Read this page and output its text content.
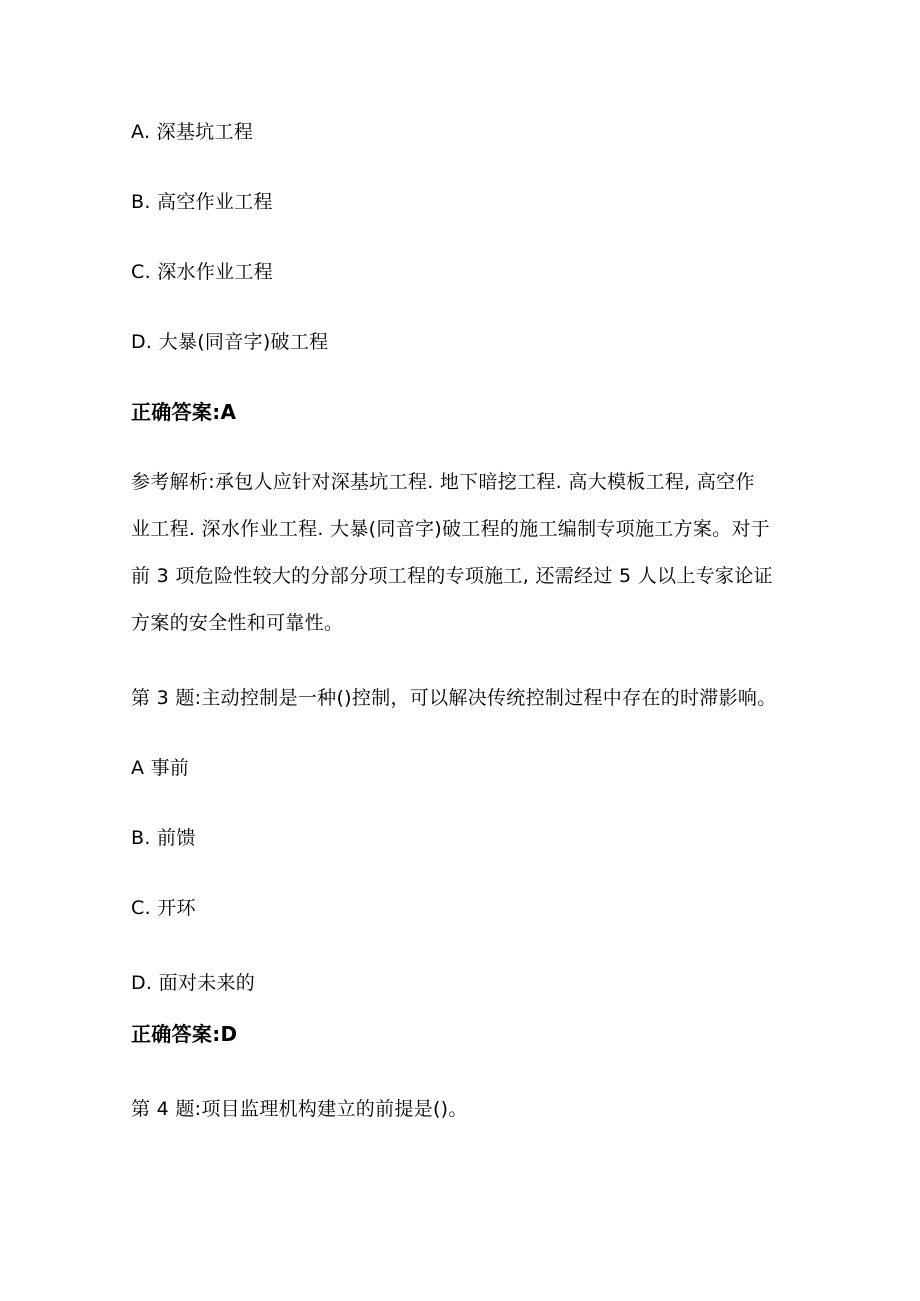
A. 深基坑工程
B. 高空作业工程
C. 深水作业工程
D. 大暴(同音字)破工程
正确答案:A
参考解析:承包人应针对深基坑工程. 地下暗挖工程. 高大模板工程, 高空作
业工程. 深水作业工程. 大暴(同音字)破工程的施工编制专项施工方案。对于
前 3 项危险性较大的分部分项工程的专项施工, 还需经过 5 人以上专家论证
方案的安全性和可靠性。
第 3 题:主动控制是一种()控制，可以解决传统控制过程中存在的时滞影响。
A 事前
B. 前馈
C. 开环
D. 面对未来的
正确答案:D
第 4 题:项目监理机构建立的前提是()。
